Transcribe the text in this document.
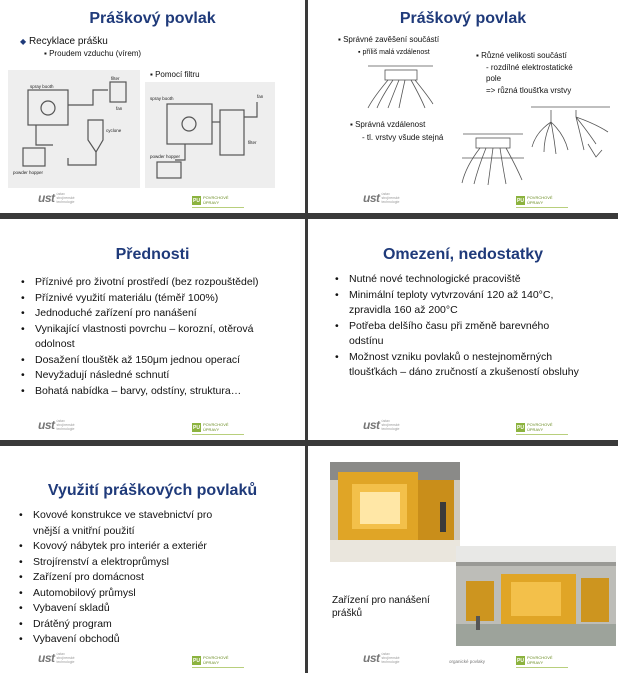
Práškový povlak
◆ Recyklace prášku
▪ Proudem vzduchu (vírem)
▪ Pomocí filtru
spray booth
filter
fan
cyclone
powder hopper
spray booth
filter
fan
powder hopper
ust ústav strojírenské technologie	PU POVRCHOVÉ ÚPRAVY
Práškový povlak
▪ Správné zavěšení součástí
▪ příliš malá vzdálenost	▪ Různé velikosti součástí
- rozdílné elektrostatické
pole
=> různá tloušťka vrstvy
▪ Správná vzdálenost
- tl. vrstvy všude stejná
ust ústav strojírenské technologie	PU POVRCHOVÉ ÚPRAVY
Přednosti
• Příznivé pro životní prostředí (bez rozpouštědel)
• Příznivé využití materiálu (téměř 100%)
• Jednoduché zařízení pro nanášení
• Vynikající vlastnosti povrchu – korozní, otěrová
odolnost
• Dosažení tlouštěk až 150μm jednou operací
• Nevyžadují následné schnutí
• Bohatá nabídka – barvy, odstíny, struktura…
ust ústav strojírenské technologie	PU POVRCHOVÉ ÚPRAVY
Omezení, nedostatky
• Nutné nové technologické pracoviště
• Minimální teploty vytvrzování 120 až 140°C,
zpravidla 160 až 200°C
• Potřeba delšího času při změně barevného
odstínu
• Možnost vzniku povlaků o nestejnoměrných
tloušťkách – dáno zručností a zkušeností obsluhy
ust ústav strojírenské technologie	PU POVRCHOVÉ ÚPRAVY
Využití práškových povlaků
• Kovové konstrukce ve stavebnictví pro
vnější a vnitřní použití
• Kovový nábytek pro interiér a exteriér
• Strojírenství a elektroprůmysl
• Zařízení pro domácnost
• Automobilový průmysl
• Vybavení skladů
• Drátěný program
• Vybavení obchodů
ust ústav strojírenské technologie	PU POVRCHOVÉ ÚPRAVY
Zařízení pro nanášení
prášků
ust ústav strojírenské technologie	organické povlaky	PU POVRCHOVÉ ÚPRAVY
